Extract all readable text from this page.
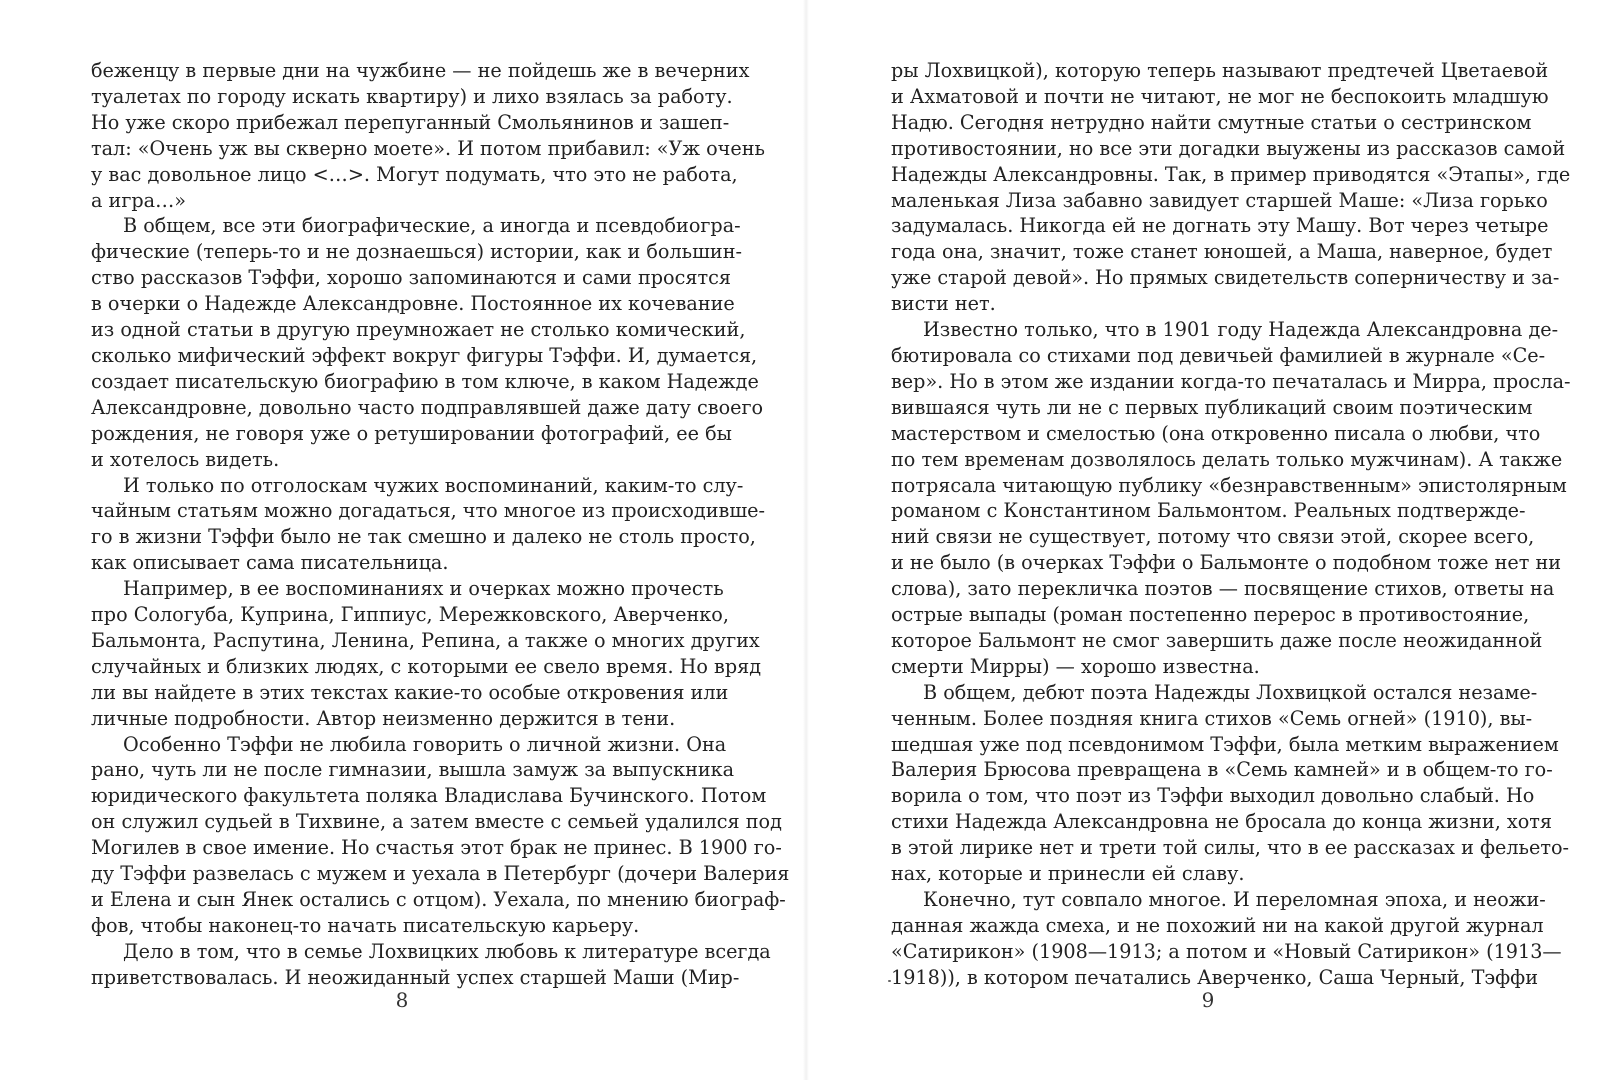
беженцу в первые дни на чужбине — не пойдешь же в вечерних
туалетах по городу искать квартиру) и лихо взялась за работу.
Но уже скоро прибежал перепуганный Смольянинов и зашеп-
тал: «Очень уж вы скверно моете». И потом прибавил: «Уж очень
у вас довольное лицо <…>. Могут подумать, что это не работа,
а игра…»
В общем, все эти биографические, а иногда и псевдобиогра-
фические (теперь-то и не дознаешься) истории, как и большин-
ство рассказов Тэффи, хорошо запоминаются и сами просятся
в очерки о Надежде Александровне. Постоянное их кочевание
из одной статьи в другую преумножает не столько комический,
сколько мифический эффект вокруг фигуры Тэффи. И, думается,
создает писательскую биографию в том ключе, в каком Надежде
Александровне, довольно часто подправлявшей даже дату своего
рождения, не говоря уже о ретушировании фотографий, ее бы
и хотелось видеть.
И только по отголоскам чужих воспоминаний, каким-то слу-
чайным статьям можно догадаться, что многое из происходивше-
го в жизни Тэффи было не так смешно и далеко не столь просто,
как описывает сама писательница.
Например, в ее воспоминаниях и очерках можно прочесть
про Сологуба, Куприна, Гиппиус, Мережковского, Аверченко,
Бальмонта, Распутина, Ленина, Репина, а также о многих других
случайных и близких людях, с которыми ее свело время. Но вряд
ли вы найдете в этих текстах какие-то особые откровения или
личные подробности. Автор неизменно держится в тени.
Особенно Тэффи не любила говорить о личной жизни. Она
рано, чуть ли не после гимназии, вышла замуж за выпускника
юридического факультета поляка Владислава Бучинского. Потом
он служил судьей в Тихвине, а затем вместе с семьей удалился под
Могилев в свое имение. Но счастья этот брак не принес. В 1900 го-
ду Тэффи развелась с мужем и уехала в Петербург (дочери Валерия
и Елена и сын Янек остались с отцом). Уехала, по мнению биограф-
фов, чтобы наконец-то начать писательскую карьеру.
Дело в том, что в семье Лохвицких любовь к литературе всегда
приветствовалась. И неожиданный успех старшей Маши (Мир-
8
ры Лохвицкой), которую теперь называют предтечей Цветаевой
и Ахматовой и почти не читают, не мог не беспокоить младшую
Надю. Сегодня нетрудно найти смутные статьи о сестринском
противостоянии, но все эти догадки выужены из рассказов самой
Надежды Александровны. Так, в пример приводятся «Этапы», где
маленькая Лиза забавно завидует старшей Маше: «Лиза горько
задумалась. Никогда ей не догнать эту Машу. Вот через четыре
года она, значит, тоже станет юношей, а Маша, наверное, будет
уже старой девой». Но прямых свидетельств соперничеству и за-
висти нет.
Известно только, что в 1901 году Надежда Александровна де-
бютировала со стихами под девичьей фамилией в журнале «Се-
вер». Но в этом же издании когда-то печаталась и Мирра, просла-
вившаяся чуть ли не с первых публикаций своим поэтическим
мастерством и смелостью (она откровенно писала о любви, что
по тем временам дозволялось делать только мужчинам). А также
потрясала читающую публику «безнравственным» эпистолярным
романом с Константином Бальмонтом. Реальных подтвержде-
ний связи не существует, потому что связи этой, скорее всего,
и не было (в очерках Тэффи о Бальмонте о подобном тоже нет ни
слова), зато перекличка поэтов — посвящение стихов, ответы на
острые выпады (роман постепенно перерос в противостояние,
которое Бальмонт не смог завершить даже после неожиданной
смерти Мирры) — хорошо известна.
В общем, дебют поэта Надежды Лохвицкой остался незаме-
ченным. Более поздняя книга стихов «Семь огней» (1910), вы-
шедшая уже под псевдонимом Тэффи, была метким выражением
Валерия Брюсова превращена в «Семь камней» и в общем-то го-
ворила о том, что поэт из Тэффи выходил довольно слабый. Но
стихи Надежда Александровна не бросала до конца жизни, хотя
в этой лирике нет и трети той силы, что в ее рассказах и фельето-
нах, которые и принесли ей славу.
Конечно, тут совпало многое. И переломная эпоха, и неожи-
данная жажда смеха, и не похожий ни на какой другой журнал
«Сатирикон» (1908—1913; а потом и «Новый Сатирикон» (1913—
1918)), в котором печатались Аверченко, Саша Черный, Тэффи
9
